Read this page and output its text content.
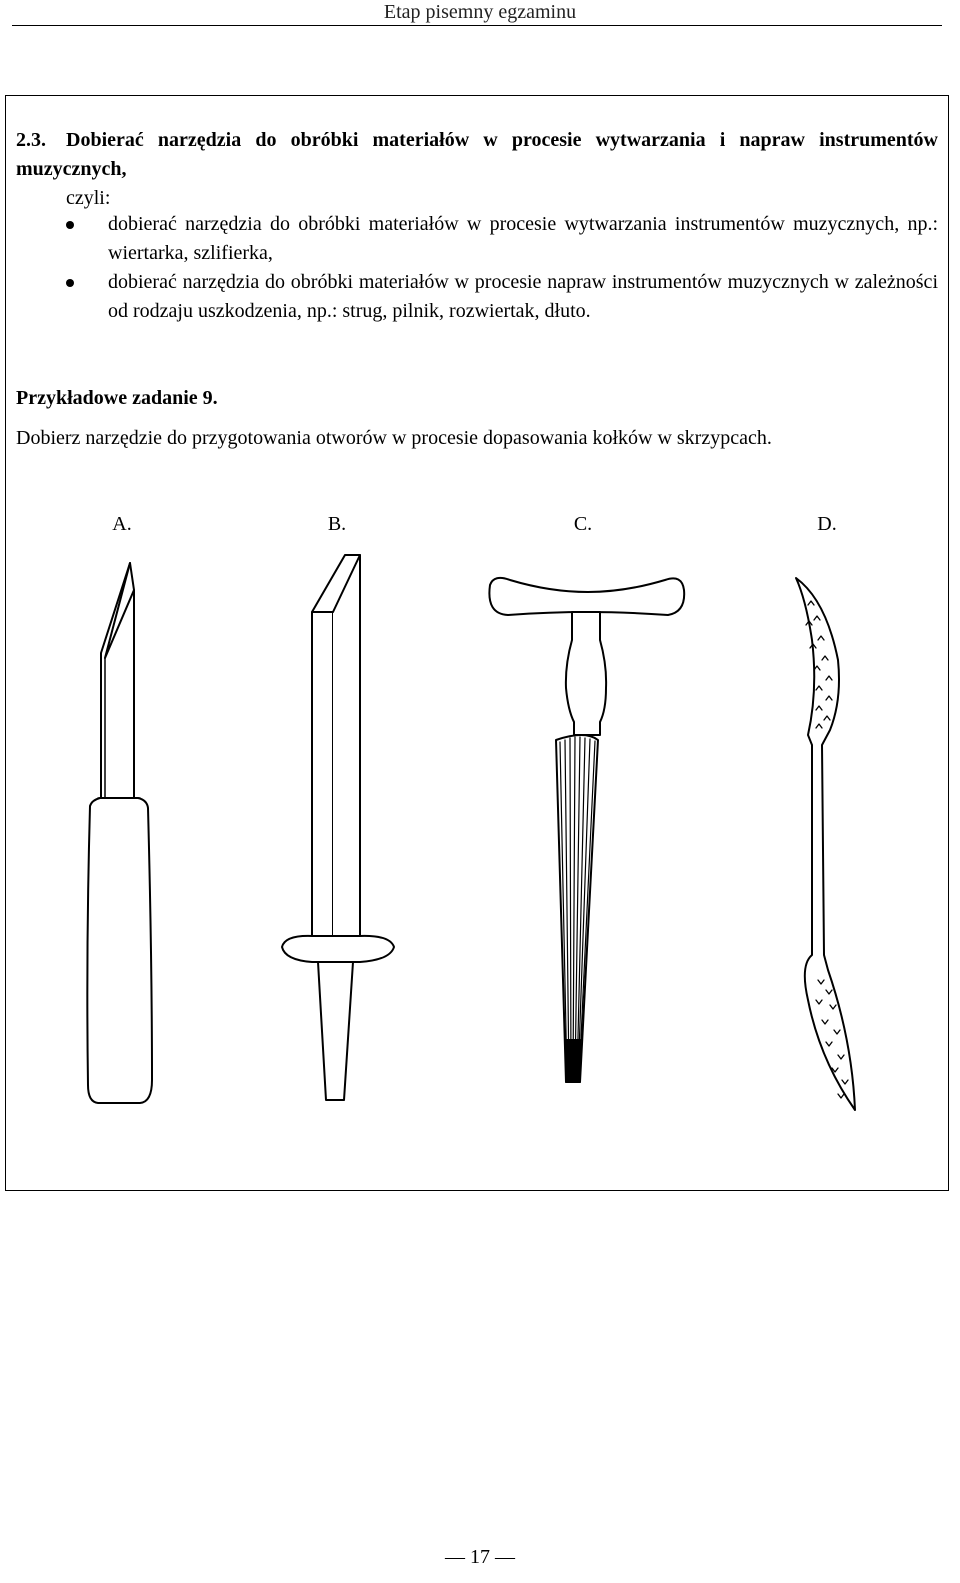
Etap pisemny egzaminu
2.3. Dobierać narzędzia do obróbki materiałów w procesie wytwarzania i napraw instrumentów muzycznych,
czyli:
dobierać narzędzia do obróbki materiałów w procesie wytwarzania instrumentów muzycznych, np.: wiertarka, szlifierka,
dobierać narzędzia do obróbki materiałów w procesie napraw instrumentów muzycznych w zależności od rodzaju uszkodzenia, np.: strug, pilnik, rozwiertak, dłuto.
Przykładowe zadanie 9.
Dobierz narzędzie do przygotowania otworów w procesie dopasowania kołków w skrzypcach.
A.	B.	C.	D.
— 17 —
